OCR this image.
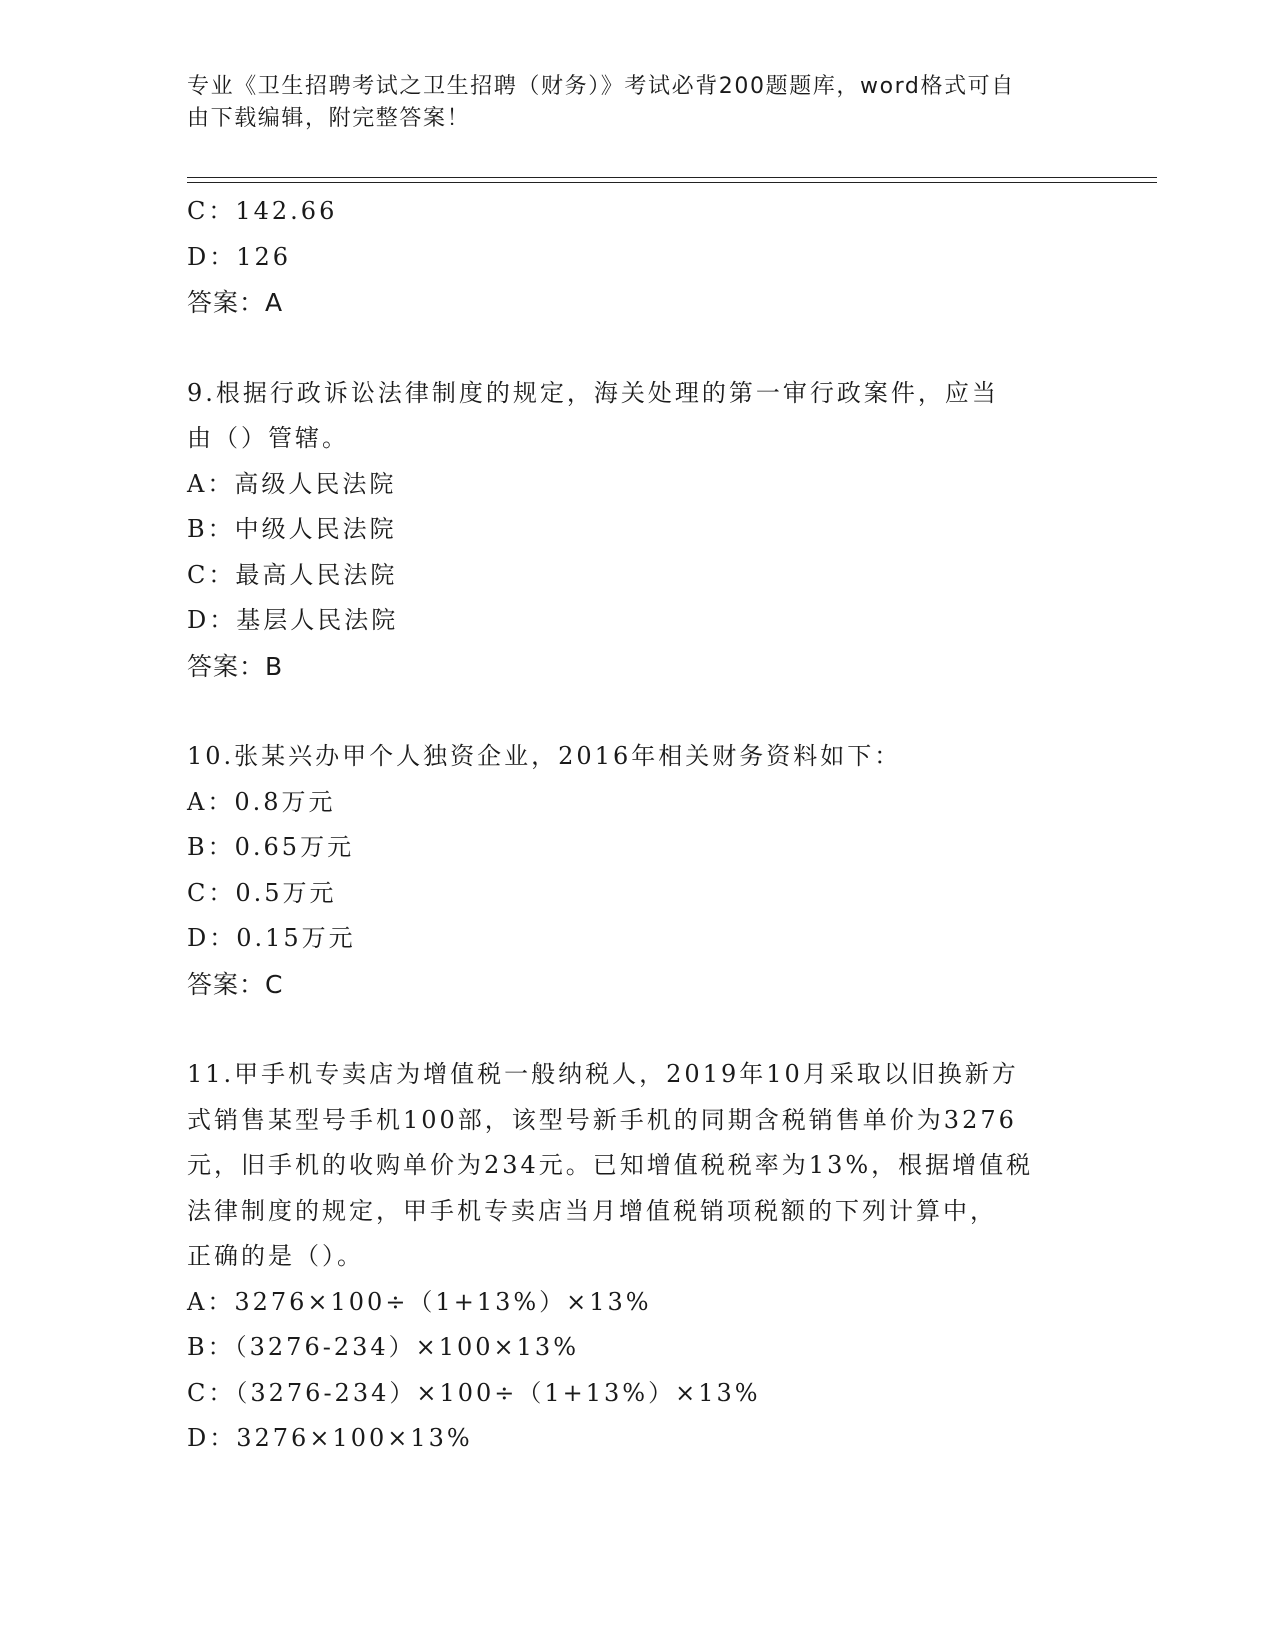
专业《卫生招聘考试之卫生招聘（财务）》考试必背200题题库，word格式可自
由下载编辑，附完整答案！
C：142.66
D：126
答案：A
9.根据行政诉讼法律制度的规定，海关处理的第一审行政案件，应当
由（）管辖。
A：高级人民法院
B：中级人民法院
C：最高人民法院
D：基层人民法院
答案：B
10.张某兴办甲个人独资企业，2016年相关财务资料如下：
A：0.8万元
B：0.65万元
C：0.5万元
D：0.15万元
答案：C
11.甲手机专卖店为增值税一般纳税人，2019年10月采取以旧换新方
式销售某型号手机100部，该型号新手机的同期含税销售单价为3276
元，旧手机的收购单价为234元。已知增值税税率为13%，根据增值税
法律制度的规定，甲手机专卖店当月增值税销项税额的下列计算中，
正确的是（）。
A：3276×100÷（1+13%）×13%
B：（3276-234）×100×13%
C：（3276-234）×100÷（1+13%）×13%
D：3276×100×13%
